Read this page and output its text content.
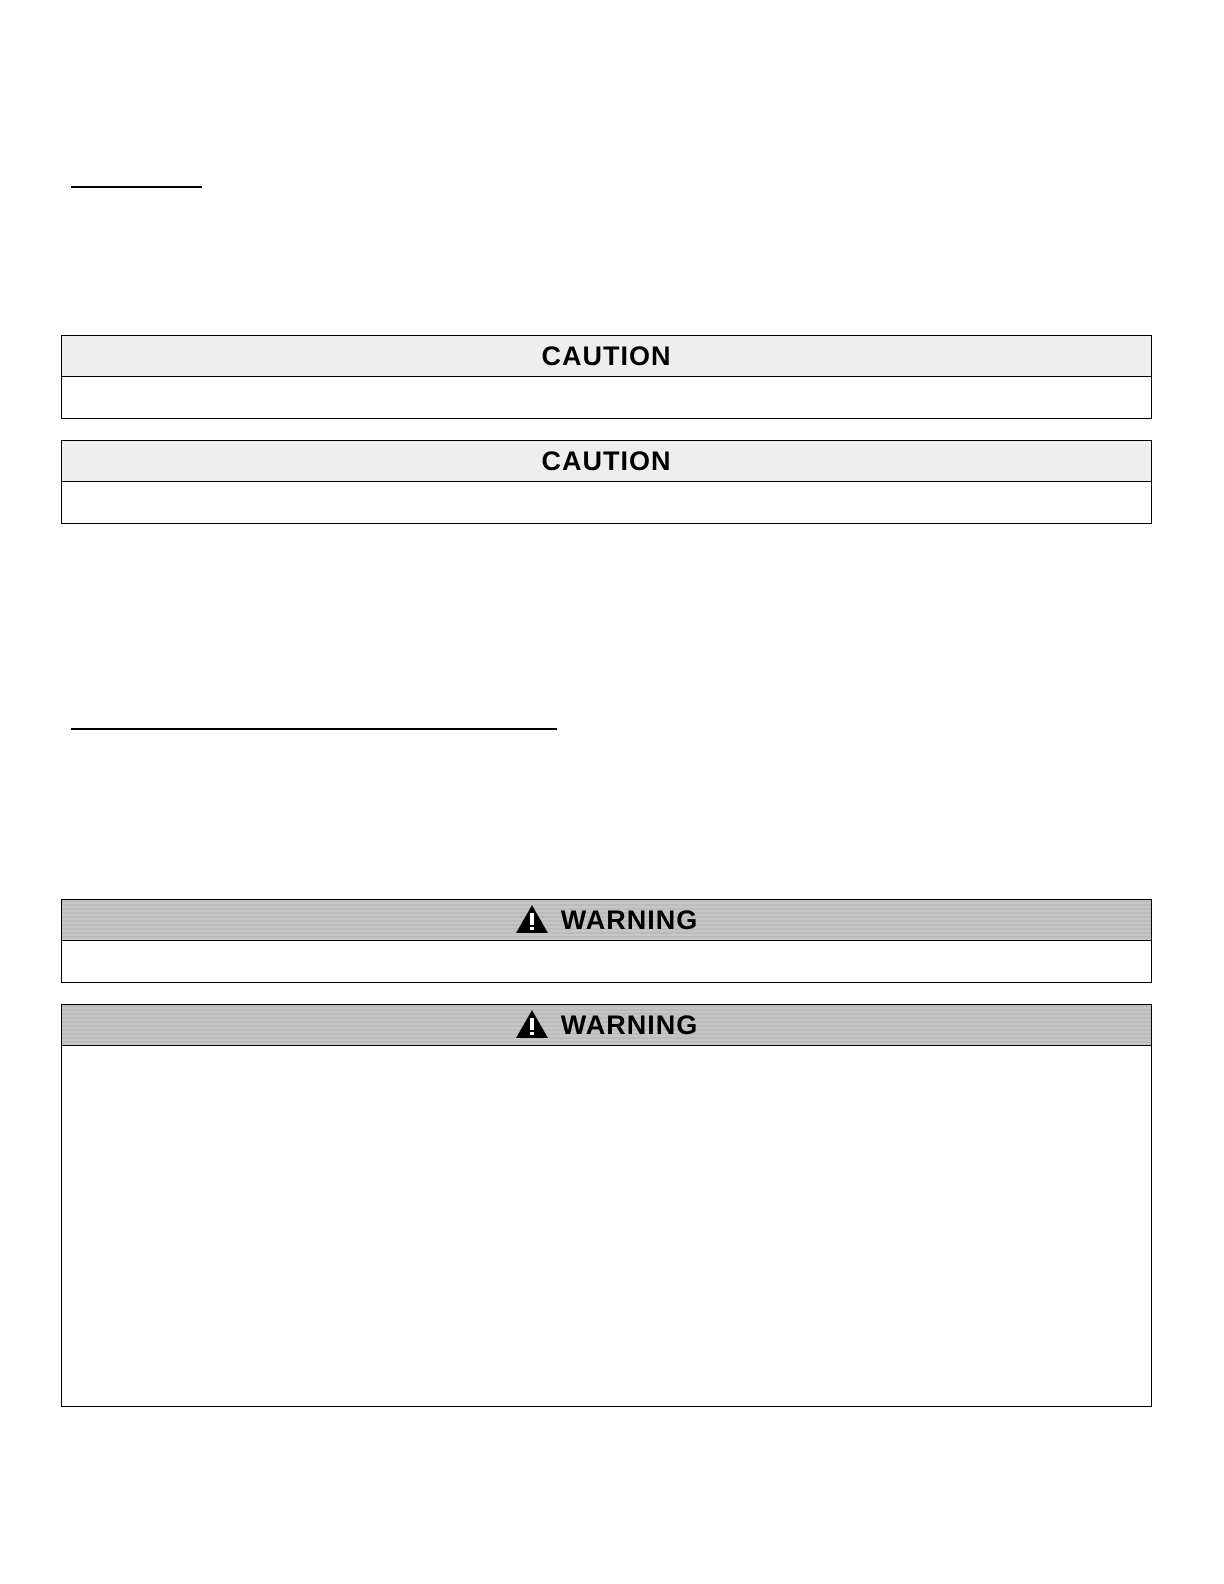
CAUTION
CAUTION
WARNING
WARNING
